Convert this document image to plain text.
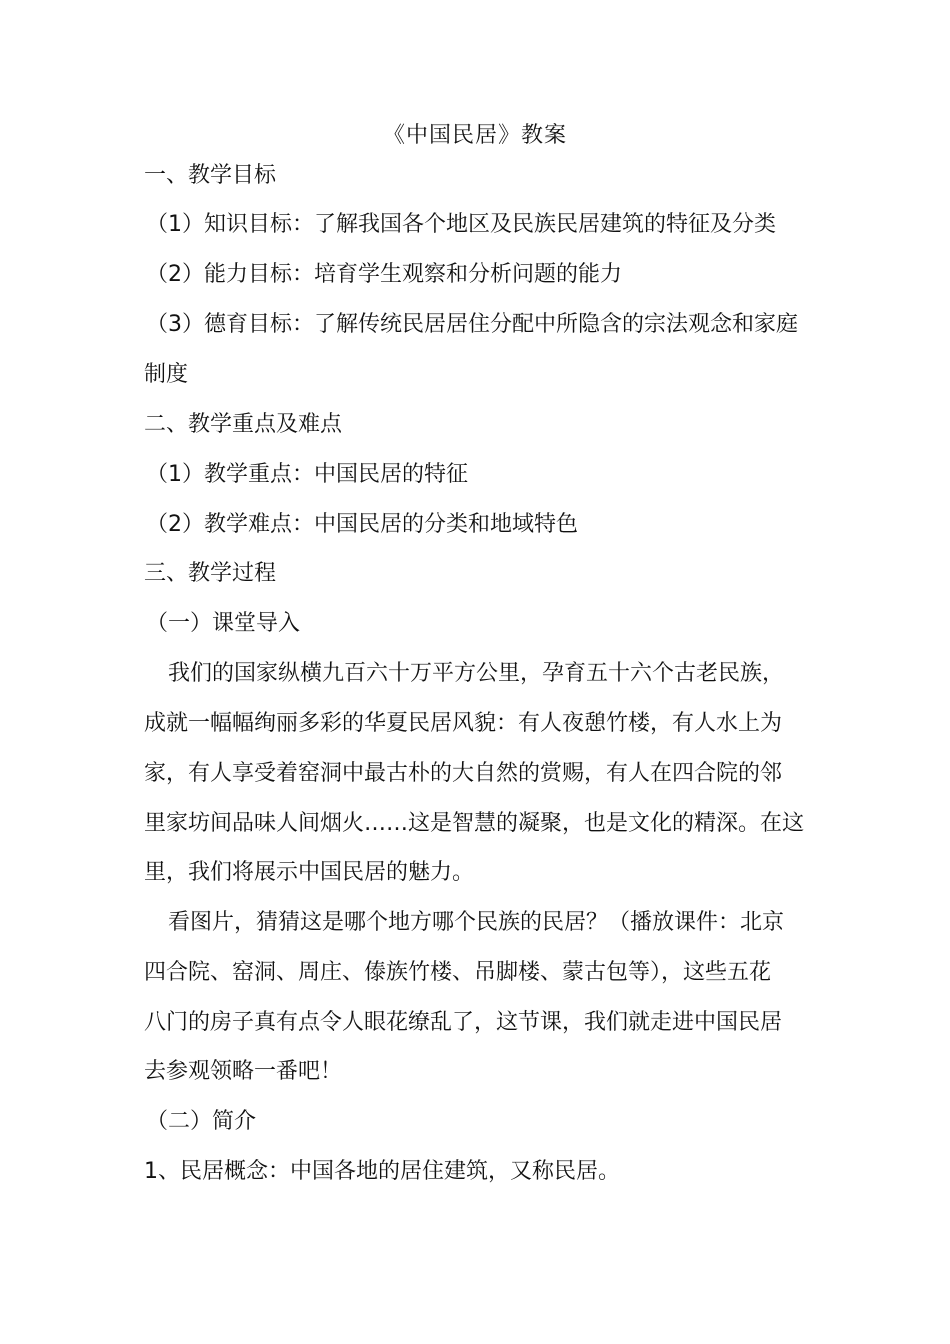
《中国民居》教案
一、教学目标
（1）知识目标：了解我国各个地区及民族民居建筑的特征及分类
（2）能力目标：培育学生观察和分析问题的能力
（3）德育目标：了解传统民居居住分配中所隐含的宗法观念和家庭
制度
二、教学重点及难点
（1）教学重点：中国民居的特征
（2）教学难点：中国民居的分类和地域特色
三、教学过程
（一）课堂导入
我们的国家纵横九百六十万平方公里，孕育五十六个古老民族，
成就一幅幅绚丽多彩的华夏民居风貌：有人夜憩竹楼，有人水上为
家，有人享受着窑洞中最古朴的大自然的赏赐，有人在四合院的邻
里家坊间品味人间烟火……这是智慧的凝聚，也是文化的精深。在这
里，我们将展示中国民居的魅力。
看图片，猜猜这是哪个地方哪个民族的民居？（播放课件：北京
四合院、窑洞、周庄、傣族竹楼、吊脚楼、蒙古包等），这些五花
八门的房子真有点令人眼花缭乱了，这节课，我们就走进中国民居
去参观领略一番吧！
（二）简介
1、民居概念：中国各地的居住建筑，又称民居。
